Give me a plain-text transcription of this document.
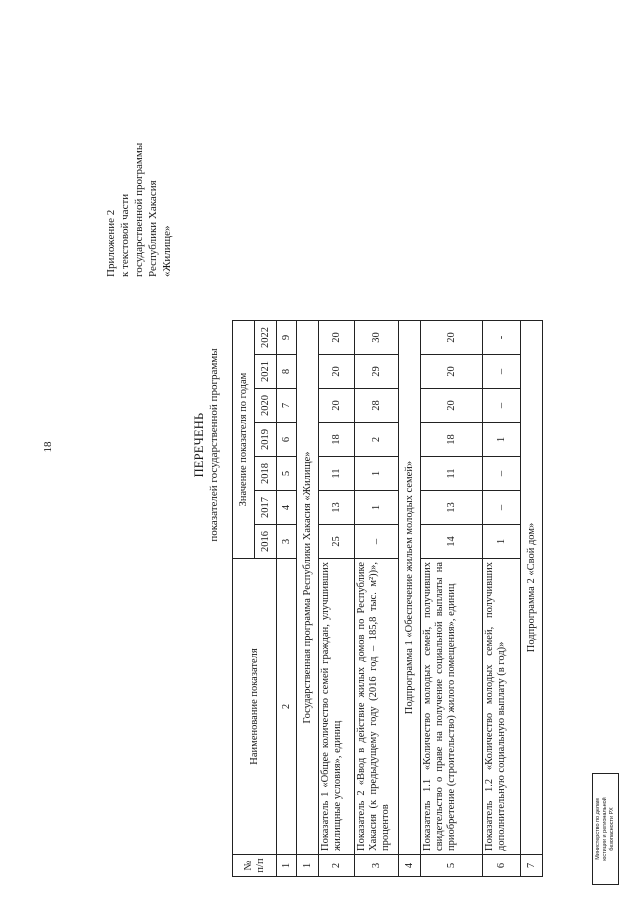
18
Приложение 2 к текстовой части государственной программы Республики Хакасия «Жилище»
ПЕРЕЧЕНЬ показателей государственной программы
№
п/п	Наименование показателя	Значение показателя по годам						
		2016	2017	2018	2019	2020	2021	2022
1	2	3	4	5	6	7	8	9
1	Государственная программа Республики Хакасия «Жилище»							
2	Показатель 1 «Общее количество семей граждан, улучшивших жилищные условия», единиц	25	13	11	18	20	20	20
3	Показатель 2 «Ввод в действие жилых домов по Республике Хакасия (к предыдущему году (2016 год – 185,8 тыс. м²))», процентов	–	1	1	2	28	29	30
4	Подпрограмма 1 «Обеспечение жильем молодых семей»							
5	Показатель 1.1 «Количество молодых семей, получивших свидетельство о праве на получение социальной выплаты на приобретение (строительство) жилого помещения», единиц	14	13	11	18	20	20	20
6	Показатель 1.2 «Количество молодых семей, получивших дополнительную социальную выплату (в год)»	1	–	–	1	–	–	-
7	Подпрограмма 2 «Свой дом»							
Министерство по делам юстиции и региональной безопасности РХ
